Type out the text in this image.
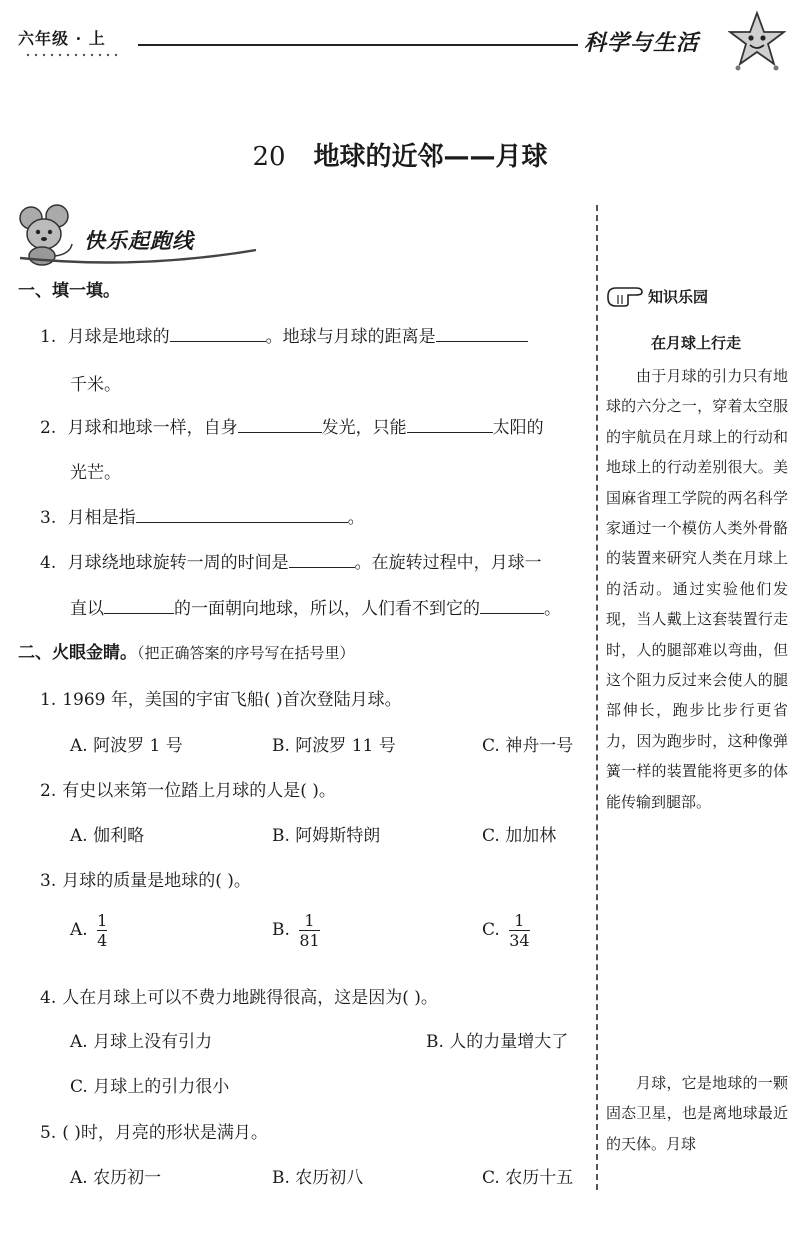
六年级 · 上	科学与生活
20 地球的近邻——月球
快乐起跑线
一、填一填。
1. 月球是地球的	。地球与月球的距离是
千米。
2. 月球和地球一样，自身	发光，只能	太阳的
光芒。
3. 月相是指	。
4. 月球绕地球旋转一周的时间是	。在旋转过程中，月球一
直以	的一面朝向地球，所以，人们看不到它的	。
二、火眼金睛。（把正确答案的序号写在括号里）
1. 1969 年，美国的宇宙飞船( )首次登陆月球。
A. 阿波罗 1 号	B. 阿波罗 11 号	C. 神舟一号
2. 有史以来第一位踏上月球的人是( )。
A. 伽利略	B. 阿姆斯特朗	C. 加加林
3. 月球的质量是地球的( )。
A. $\frac{1}{4}$	B. $\frac{1}{81}$	C. $\frac{1}{34}$
4. 人在月球上可以不费力地跳得很高，这是因为( )。
A. 月球上没有引力	B. 人的力量增大了
C. 月球上的引力很小
5. ( )时，月亮的形状是满月。
A. 农历初一	B. 农历初八	C. 农历十五
知识乐园
在月球上行走
由于月球的引力只有地球的六分之一，穿着太空服的宇航员在月球上的行动和地球上的行动差别很大。美国麻省理工学院的两名科学家通过一个模仿人类外骨骼的装置来研究人类在月球上的活动。通过实验他们发现，当人戴上这套装置行走时，人的腿部难以弯曲，但这个阻力反过来会使人的腿部伸长，跑步比步行更省力，因为跑步时，这种像弹簧一样的装置能将更多的体能传输到腿部。
月球，它是地球的一颗固态卫星，也是离地球最近的天体。月球
